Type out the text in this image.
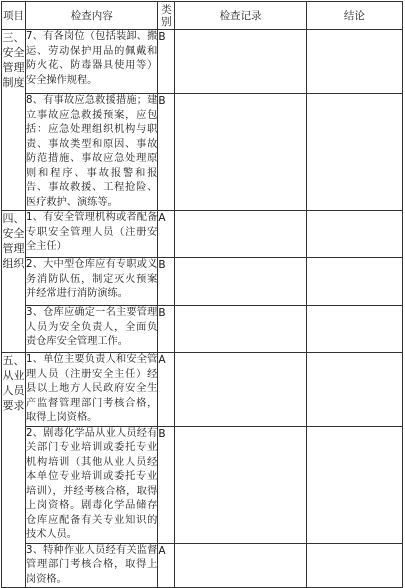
项目	检查内容	类别	检查记录	结论
三、安全管理制度	7、有各岗位（包括装卸、搬运、劳动保护用品的佩戴和防火花、防毒器具使用等）安全操作规程。	B		
	8、有事故应急救援措施；建立事故应急救援预案，应包括：应急处理组织机构与职责、事故类型和原因、事故防范措施、事故应急处理原则和程序、事故报警和报告、事故救援、工程抢险、医疗救护、演练等。	B		
四、安全管理组织	1、有安全管理机构或者配备专职安全管理人员（注册安全主任）	A		
	2、大中型仓库应有专职或义务消防队伍，制定灭火预案并经常进行消防演练。	B		
	3、仓库应确定一名主要管理人员为安全负责人，全面负责仓库安全管理工作。	B		
五、从业人员要求	1、单位主要负责人和安全管理人员（注册安全主任）经县以上地方人民政府安全生产监督管理部门考核合格，取得上岗资格。	A		
	2、剧毒化学品从业人员经有关部门专业培训或委托专业机构培训（其他从业人员经本单位专业培训或委托专业培训），并经考核合格，取得上岗资格。剧毒化学品储存仓库应配备有关专业知识的技术人员。	B		
	3、特种作业人员经有关监督管理部门考核合格，取得上岗资格。	A		
